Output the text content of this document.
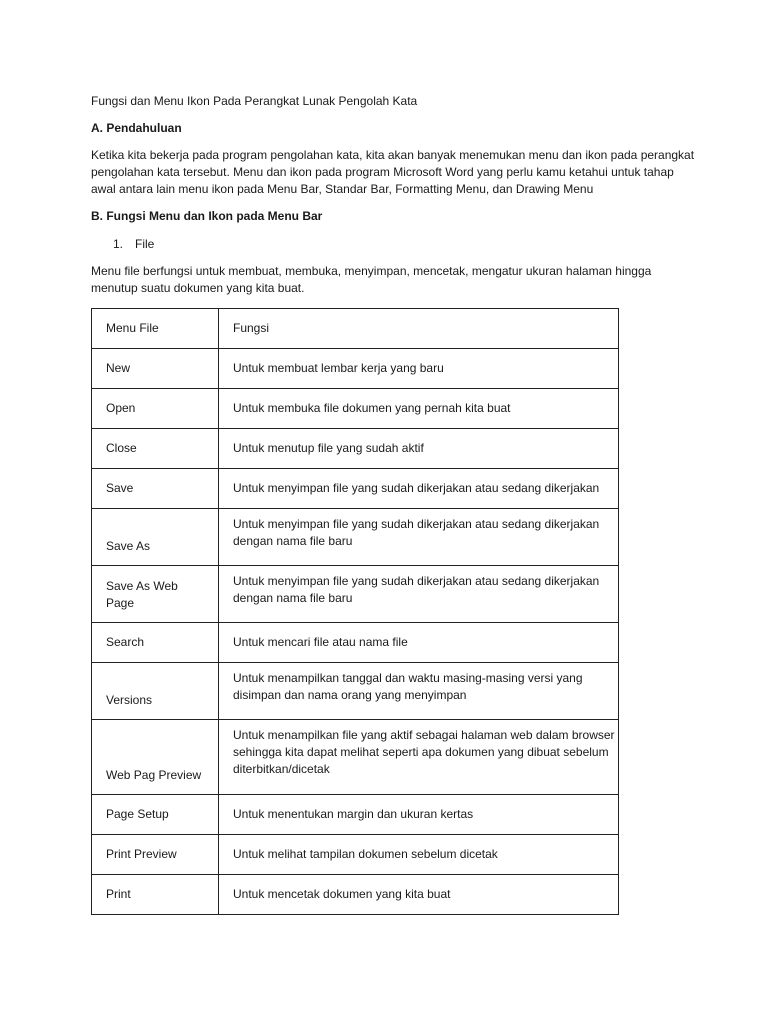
Fungsi dan Menu Ikon Pada Perangkat Lunak Pengolah Kata
A. Pendahuluan
Ketika kita bekerja pada program pengolahan kata, kita akan banyak menemukan menu dan ikon pada perangkat
pengolahan kata tersebut. Menu dan ikon pada program Microsoft Word yang perlu kamu ketahui untuk tahap
awal antara lain menu ikon pada Menu Bar, Standar Bar, Formatting Menu, dan Drawing Menu
B. Fungsi Menu dan Ikon pada Menu Bar
1. File
Menu file berfungsi untuk membuat, membuka, menyimpan, mencetak, mengatur ukuran halaman hingga
menutup suatu dokumen yang kita buat.
Menu File	Fungsi
New	Untuk membuat lembar kerja yang baru

Open	Untuk membuka file dokumen yang pernah kita buat

Close	Untuk menutup file yang sudah aktif

Save	Untuk menyimpan file yang sudah dikerjakan atau sedang dikerjakan

Save As	Untuk menyimpan file yang sudah dikerjakan atau sedang dikerjakan
dengan nama file baru

Save As Web Page	Untuk menyimpan file yang sudah dikerjakan atau sedang dikerjakan
dengan nama file baru

Search	Untuk mencari file atau nama file

Versions	Untuk menampilkan tanggal dan waktu masing-masing versi yang
disimpan dan nama orang yang menyimpan

Web Pag Preview	Untuk menampilkan file yang aktif sebagai halaman web dalam browser
sehingga kita dapat melihat seperti apa dokumen yang dibuat sebelum
diterbitkan/dicetak

Page Setup	Untuk menentukan margin dan ukuran kertas

Print Preview	Untuk melihat tampilan dokumen sebelum dicetak

Print	Untuk mencetak dokumen yang kita buat
